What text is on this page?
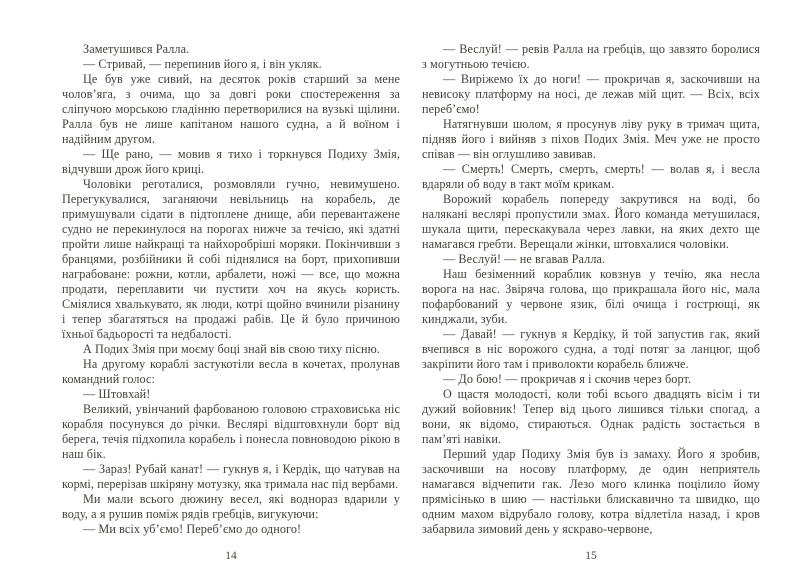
Заметушився Ралла.

— Стривай, — перепинив його я, і він укляк.

Це був уже сивий, на десяток років старший за мене чолов’яга, з очима, що за довгі роки спостереження за сліпучою морською гладінню перетворилися на вузькі щілини. Ралла був не лише капітаном нашого судна, а й воїном і надійним другом.

— Ще рано, — мовив я тихо і торкнувся Подиху Змія, відчувши дрож його криці.

Чоловіки реготалися, розмовляли гучно, невимушено. Перегукувалися, заганяючи невільниць на корабель, де примушували сідати в підтоплене днище, аби перевантажене судно не перекинулося на порогах нижче за течією, які здатні пройти лише найкращі та найхоробріші моряки. Покінчивши з бранцями, розбійники й собі піднялися на борт, прихопивши награбоване: рожни, котли, арбалети, ножі — все, що можна продати, переплавити чи пустити хоч на якусь користь. Сміялися хвалькувато, як люди, котрі щойно вчинили різанину і тепер збагатяться на продажі рабів. Це й було причиною їхньої бадьорості та недбалості.

А Подих Змія при моєму боці знай вів свою тиху пісню.

На другому кораблі застукотіли весла в кочетах, пролунав командний голос:

— Штовхай!

Великий, увінчаний фарбованою головою страховиська ніс корабля посунувся до річки. Веслярі відштовхнули борт від берега, течія підхопила корабель і понесла повноводою рікою в наш бік.

— Зараз! Рубай канат! — гукнув я, і Кердік, що чатував на кормі, перерізав шкіряну мотузку, яка тримала нас під вербами.

Ми мали всього дюжину весел, які воднораз вдарили у воду, а я рушив поміж рядів гребців, вигукуючи:

— Ми всіх уб’ємо! Переб’ємо до одного!

14

— Веслуй! — ревів Ралла на гребців, що завзято боролися з могутньою течією.

— Виріжемо їх до ноги! — прокричав я, заскочивши на невисоку платформу на носі, де лежав мій щит. — Всіх, всіх переб’ємо!

Натягнувши шолом, я просунув ліву руку в тримач щита, підняв його і вийняв з піхов Подих Змія. Меч уже не просто співав — він оглушливо завивав.

— Смерть! Смерть, смерть, смерть! — волав я, і весла вдаряли об воду в такт моїм крикам.

Ворожий корабель попереду закрутився на воді, бо налякані веслярі пропустили змах. Його команда метушилася, шукала щити, перескакувала через лавки, на яких дехто ще намагався гребти. Верещали жінки, штовхалися чоловіки.

— Веслуй! — не вгавав Ралла.

Наш безіменний кораблик ковзнув у течію, яка несла ворога на нас. Звіряча голова, що прикрашала його ніс, мала пофарбований у червоне язик, білі очища і гострющі, як кинджали, зуби.

— Давай! — гукнув я Кердіку, й той запустив гак, який вчепився в ніс ворожого судна, а тоді потяг за ланцюг, щоб закріпити його там і приволокти корабель ближче.

— До бою! — прокричав я і скочив через борт.

О щастя молодості, коли тобі всього двадцять вісім і ти дужий войовник! Тепер від цього лишився тільки спогад, а вони, як відомо, стираються. Однак радість зостається в пам’яті навіки.

Перший удар Подиху Змія був із замаху. Його я зробив, заскочивши на носову платформу, де один неприятель намагався відчепити гак. Лезо мого клинка поцілило йому прямісінько в шию — настільки блискавично та швидко, що одним махом відрубало голову, котра відлетіла назад, і кров забарвила зимовий день у яскраво-червоне,

15
